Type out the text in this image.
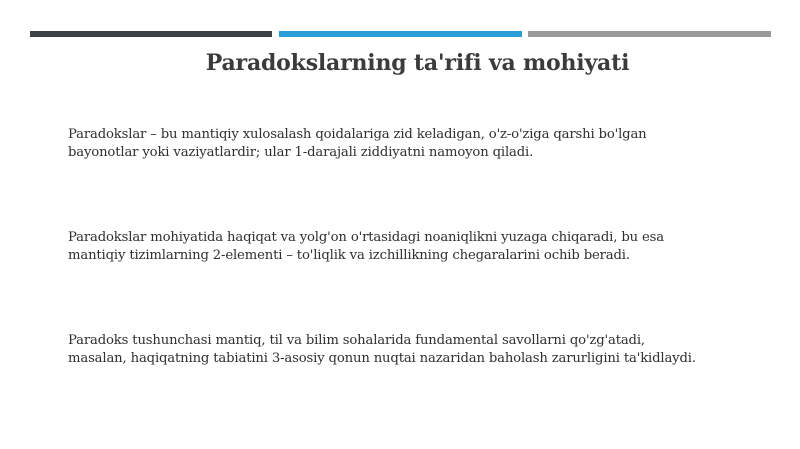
Paradokslarning ta'rifi va mohiyati
Paradokslar – bu mantiqiy xulosalash qoidalariga zid keladigan, o'z-o'ziga qarshi bo'lgan
bayonotlar yoki vaziyatlardir; ular 1-darajali ziddiyatni namoyon qiladi.
Paradokslar mohiyatida haqiqat va yolg'on o'rtasidagi noaniqlikni yuzaga chiqaradi, bu esa
mantiqiy tizimlarning 2-elementi – to'liqlik va izchillikning chegaralarini ochib beradi.
Paradoks tushunchasi mantiq, til va bilim sohalarida fundamental savollarni qo'zg'atadi,
masalan, haqiqatning tabiatini 3-asosiy qonun nuqtai nazaridan baholash zarurligini ta'kidlaydi.
